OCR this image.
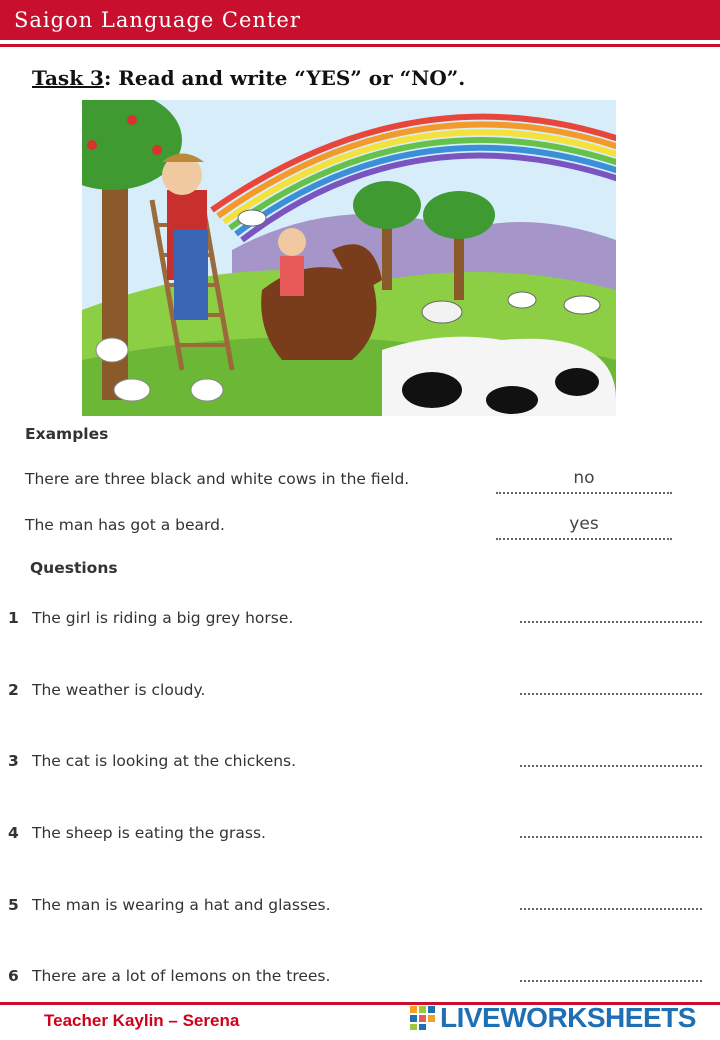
Saigon Language Center
Task 3: Read and write “YES” or “NO”.
Examples
There are three black and white cows in the field.	no
The man has got a beard.	yes
Questions
1 The girl is riding a big grey horse.
2 The weather is cloudy.
3 The cat is looking at the chickens.
4 The sheep is eating the grass.
5 The man is wearing a hat and glasses.
6 There are a lot of lemons on the trees.
Teacher Kaylin – Serena	LIVEWORKSHEETS
